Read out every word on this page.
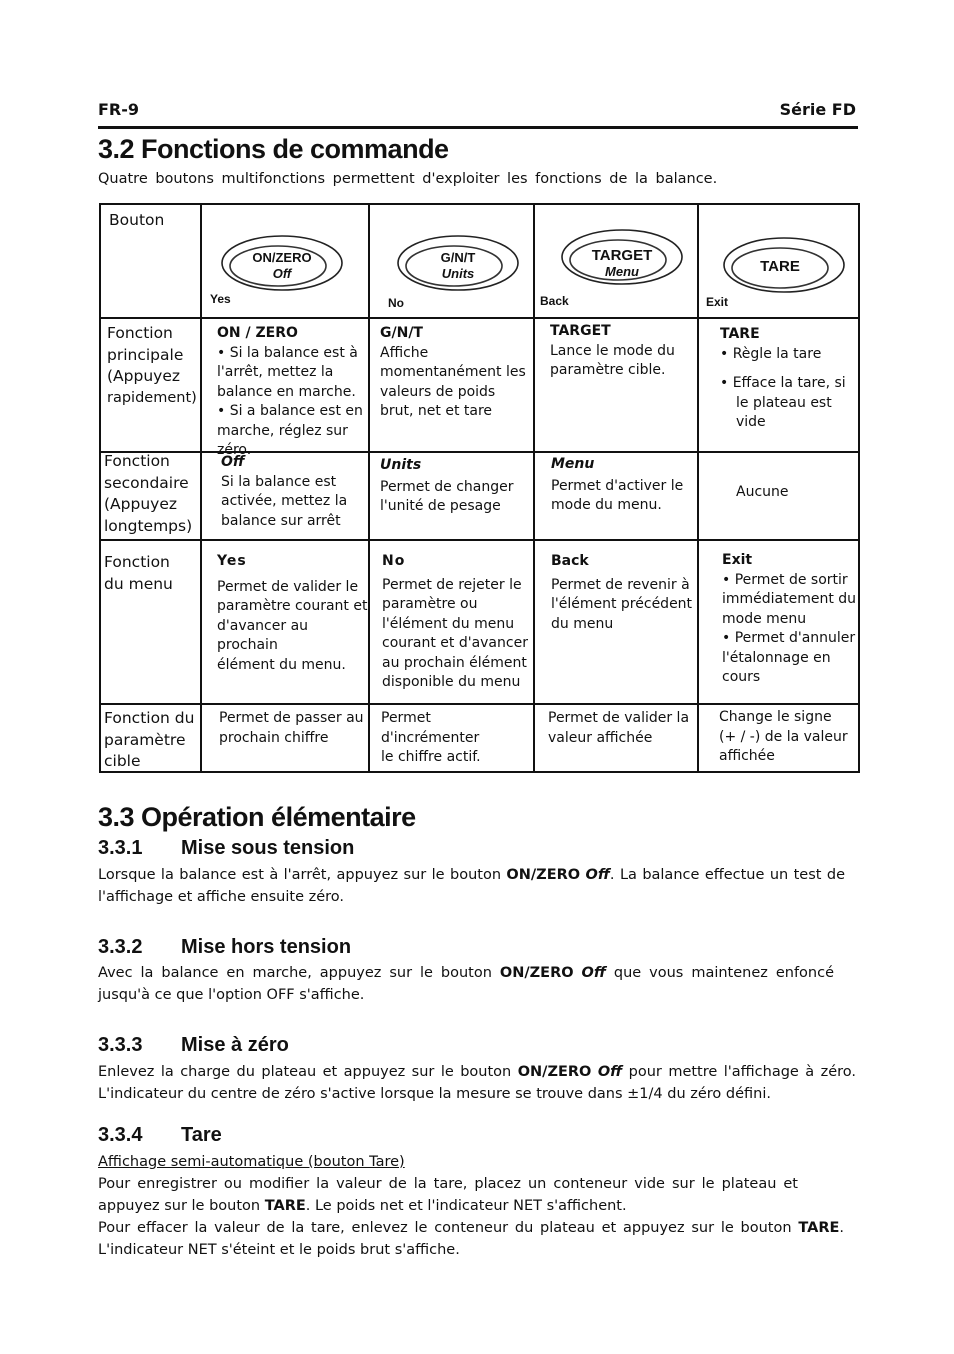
FR-9	Série FD
3.2 Fonctions de commande

Quatre boutons multifonctions permettent d'exploiter les fonctions de la balance.

Bouton
Fonction
principale
(Appuyez
rapidement)
Fonction
secondaire
(Appuyez
longtemps)
Fonction
du menu
Fonction du
paramètre
cible
ON/ZERO
Off
Yes
G/N/T
Units
No
TARGET
Menu
Back
TARE
Exit
ON / ZERO
• Si la balance est à
l'arrêt, mettez la
balance en marche.
• Si a balance est en
marche, réglez sur
zéro.
G/N/T
Affiche
momentanément les
valeurs de poids
brut, net et tare
TARGET
Lance le mode du
paramètre cible.
TARE
• Règle la tare
• Efface la tare, si
le plateau est
vide
Off
Si la balance est
activée, mettez la
balance sur arrêt
Units
Permet de changer
l'unité de pesage
Menu
Permet d'activer le
mode du menu.
Aucune
Yes
Permet de valider le
paramètre courant et
d'avancer au prochain
élément du menu.
No
Permet de rejeter le
paramètre ou
l'élément du menu
courant et d'avancer
au prochain élément
disponible du menu
Back
Permet de revenir à
l'élément précédent
du menu
Exit
• Permet de sortir
immédiatement du
mode menu
• Permet d'annuler
l'étalonnage en
cours
Permet de passer au
prochain chiffre
Permet d'incrémenter
le chiffre actif.
Permet de valider la
valeur affichée
Change le signe
(+ / -) de la valeur
affichée
3.3 Opération élémentaire
3.3.1 Mise sous tension

Lorsque la balance est à l'arrêt, appuyez sur le bouton ON/ZERO Off. La balance effectue un test de l'affichage et affiche ensuite zéro.

3.3.2 Mise hors tension

Avec la balance en marche, appuyez sur le bouton ON/ZERO Off que vous maintenez enfoncé jusqu'à ce que l'option OFF s'affiche.

3.3.3 Mise à zéro

Enlevez la charge du plateau et appuyez sur le bouton ON/ZERO Off pour mettre l'affichage à zéro. L'indicateur du centre de zéro s'active lorsque la mesure se trouve dans ±1/4 du zéro défini.

3.3.4 Tare

Affichage semi-automatique (bouton Tare)

Pour enregistrer ou modifier la valeur de la tare, placez un conteneur vide sur le plateau et appuyez sur le bouton TARE. Le poids net et l'indicateur NET s'affichent.

Pour effacer la valeur de la tare, enlevez le conteneur du plateau et appuyez sur le bouton TARE. L'indicateur NET s'éteint et le poids brut s'affiche.
